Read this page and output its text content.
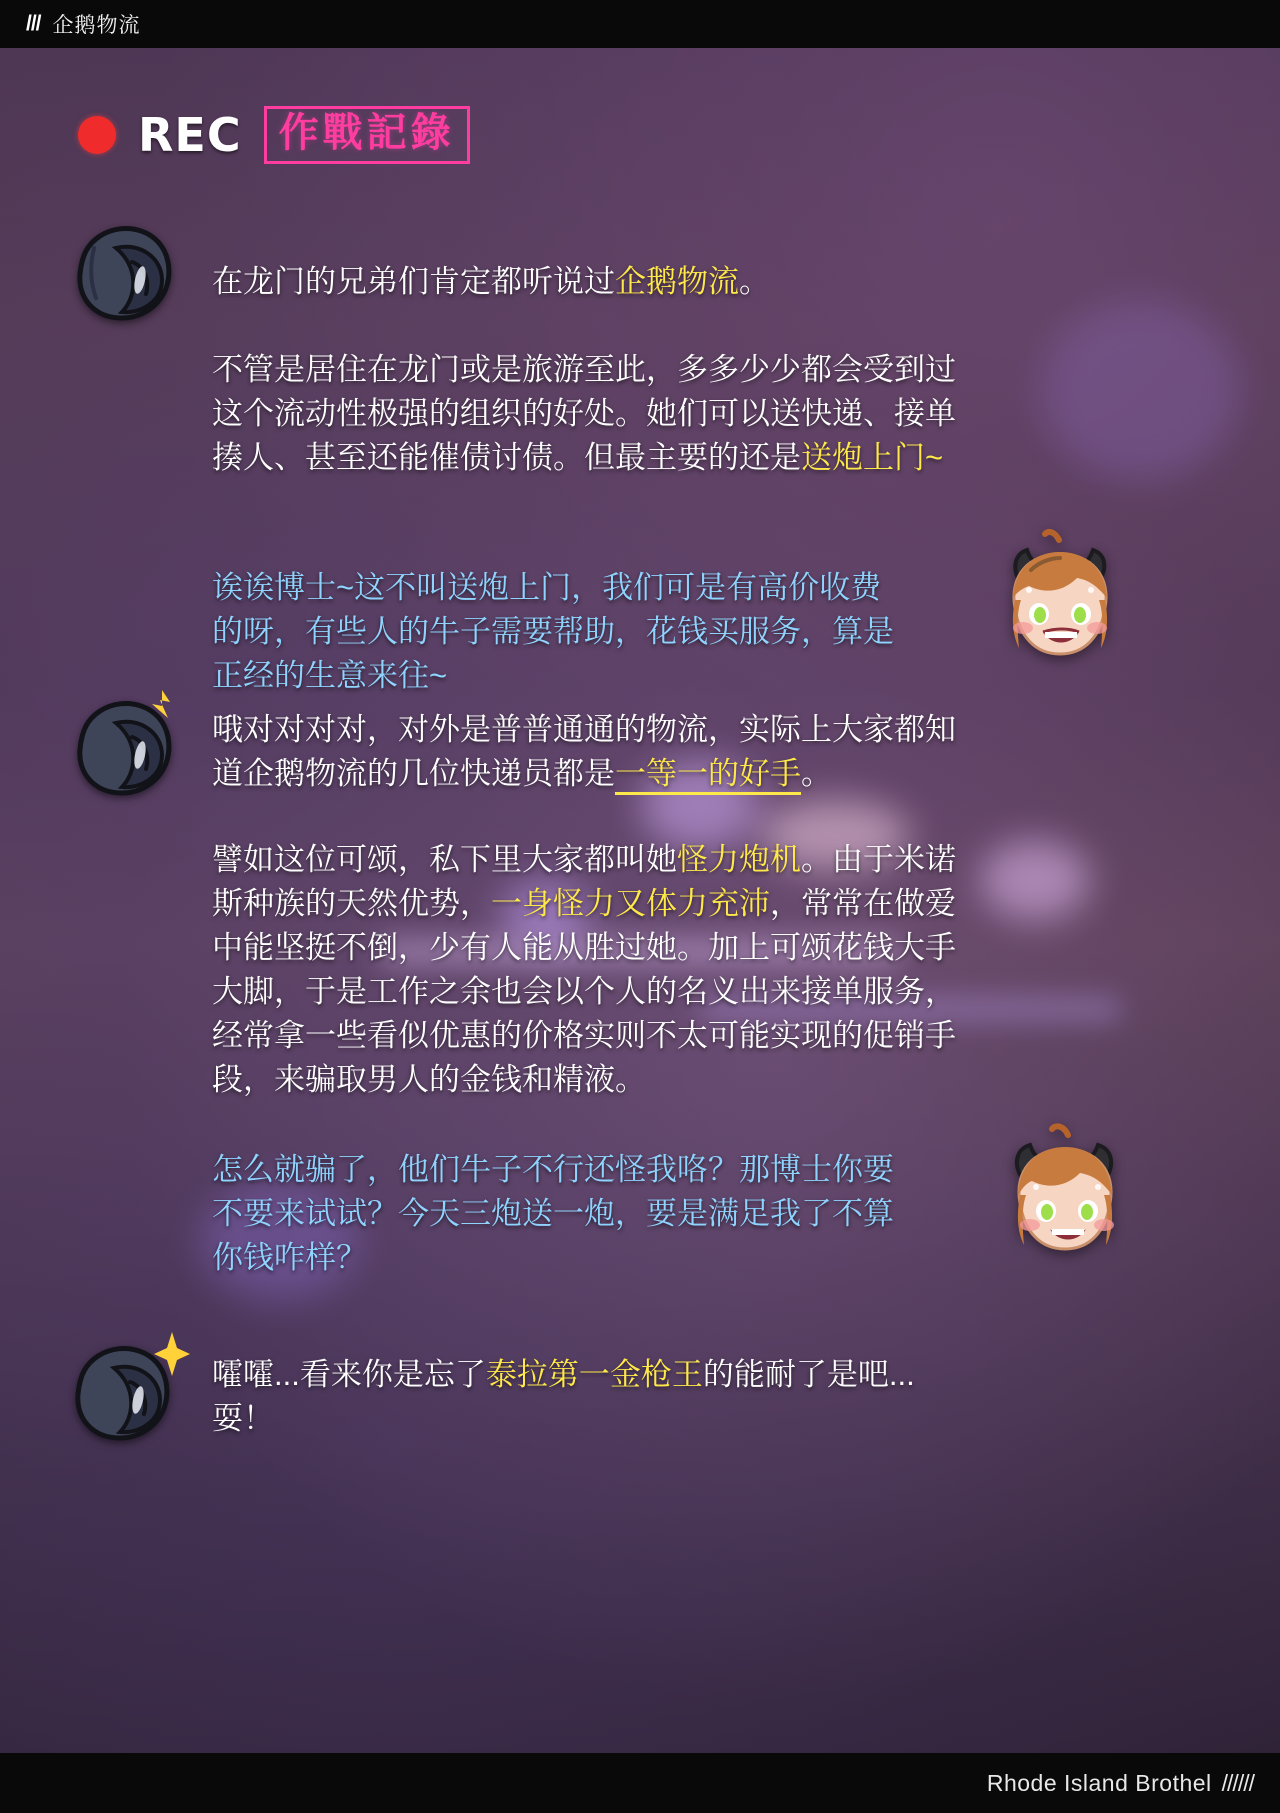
/// 企鹅物流
REC 作戰記錄
在龙门的兄弟们肯定都听说过企鹅物流。
不管是居住在龙门或是旅游至此，多多少少都会受到过这个流动性极强的组织的好处。她们可以送快递、接单揍人、甚至还能催债讨债。但最主要的还是送炮上门~
诶诶博士~这不叫送炮上门，我们可是有高价收费的呀，有些人的牛子需要帮助，花钱买服务，算是正经的生意来往~
哦对对对对，对外是普普通通的物流，实际上大家都知道企鹅物流的几位快递员都是一等一的好手。
譬如这位可颂，私下里大家都叫她怪力炮机。由于米诺斯种族的天然优势，一身怪力又体力充沛，常常在做爱中能坚挺不倒，少有人能从胜过她。加上可颂花钱大手大脚，于是工作之余也会以个人的名义出来接单服务，经常拿一些看似优惠的价格实则不太可能实现的促销手段，来骗取男人的金钱和精液。
怎么就骗了，他们牛子不行还怪我咯？那博士你要不要来试试？今天三炮送一炮，要是满足我了不算你钱咋样？
嚯嚯...看来你是忘了泰拉第一金枪王的能耐了是吧...耍！
Rhode Island Brothel //////
